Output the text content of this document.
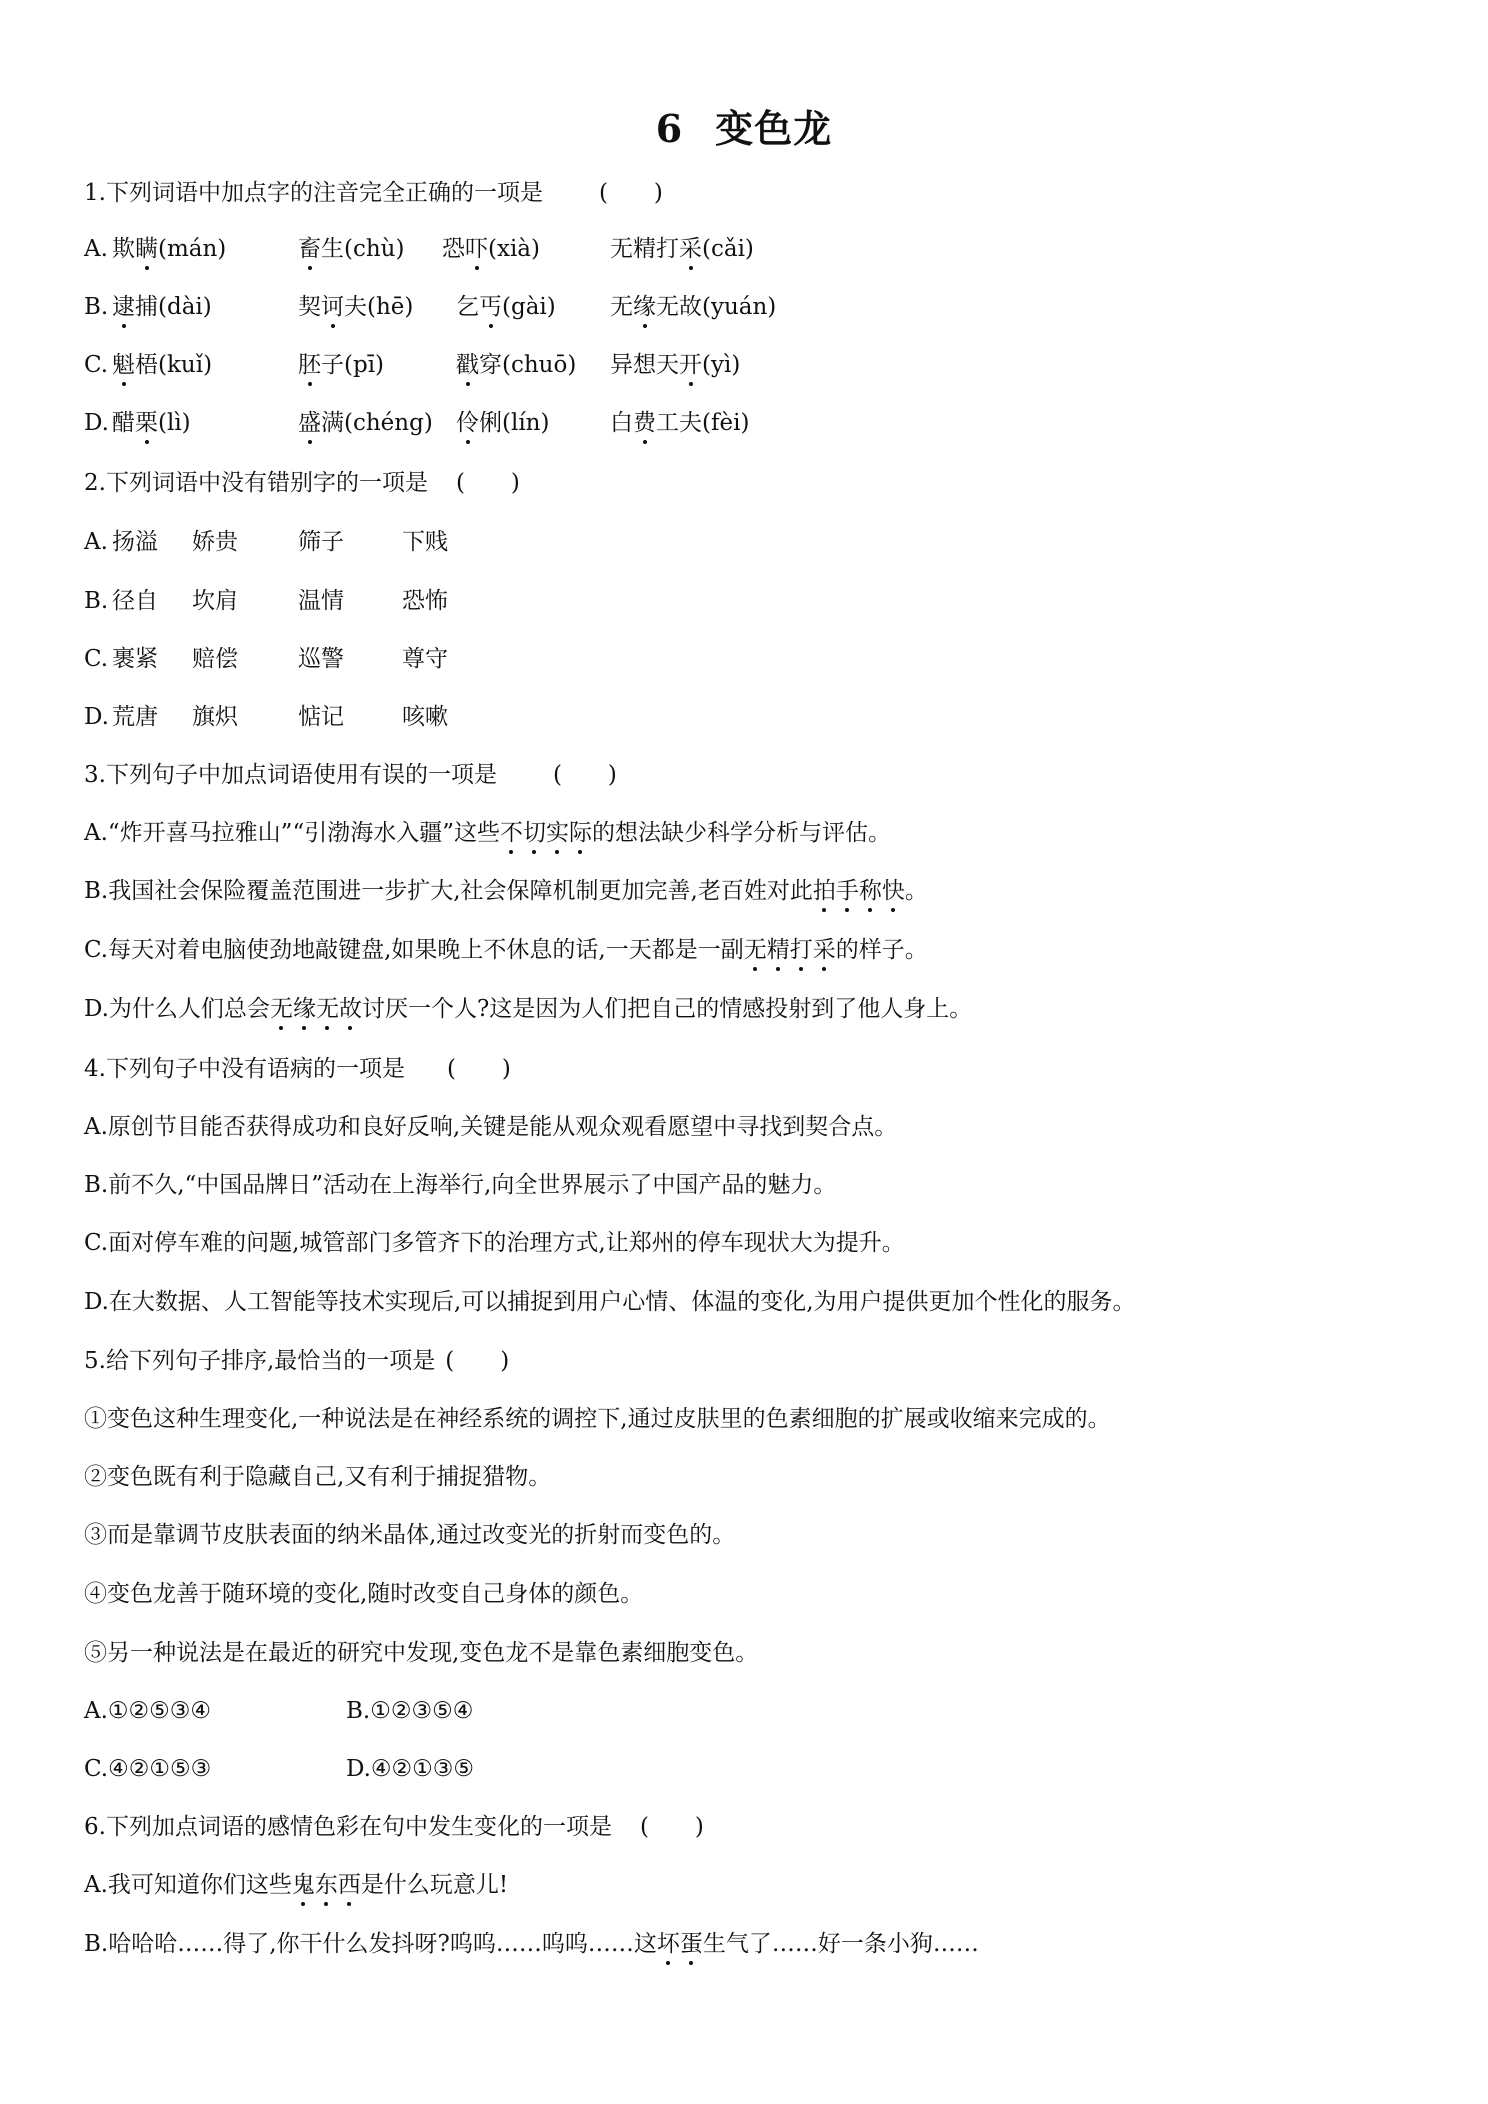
6 变色龙
1.下列词语中加点字的注音完全正确的一项是 (　　)
A. 欺瞒(mán)	畜生(chù) 恐吓(xià)	无精打采(cǎi)
B. 逮捕(dài)	契诃夫(hē) 乞丐(gài) 无缘无故(yuán)
C. 魁梧(kuǐ)	胚子(pī)	戳穿(chuō) 异想天开(yì)
D. 醋栗(lì)	盛满(chéng) 伶俐(lín)	白费工夫(fèi)
2.下列词语中没有错别字的一项是 (　　)
A. 扬溢 娇贵	筛子	下贱
B. 径自 坎肩	温情	恐怖
C. 裹紧 赔偿	巡警	尊守
D. 荒唐 旗炽	惦记	咳嗽
3.下列句子中加点词语使用有误的一项是 (　　)
A.“炸开喜马拉雅山”“引渤海水入疆”这些不切实际的想法缺少科学分析与评估。
B.我国社会保险覆盖范围进一步扩大,社会保障机制更加完善,老百姓对此拍手称快。
C.每天对着电脑使劲地敲键盘,如果晚上不休息的话,一天都是一副无精打采的样子。
D.为什么人们总会无缘无故讨厌一个人?这是因为人们把自己的情感投射到了他人身上。
4.下列句子中没有语病的一项是 (　　)
A.原创节目能否获得成功和良好反响,关键是能从观众观看愿望中寻找到契合点。
B.前不久,“中国品牌日”活动在上海举行,向全世界展示了中国产品的魅力。
C.面对停车难的问题,城管部门多管齐下的治理方式,让郑州的停车现状大为提升。
D.在大数据、人工智能等技术实现后,可以捕捉到用户心情、体温的变化,为用户提供更加个性化的服务。
5.给下列句子排序,最恰当的一项是 (　　)
①变色这种生理变化,一种说法是在神经系统的调控下,通过皮肤里的色素细胞的扩展或收缩来完成的。
②变色既有利于隐藏自己,又有利于捕捉猎物。
③而是靠调节皮肤表面的纳米晶体,通过改变光的折射而变色的。
④变色龙善于随环境的变化,随时改变自己身体的颜色。
⑤另一种说法是在最近的研究中发现,变色龙不是靠色素细胞变色。
A.①②⑤③④	B.①②③⑤④
C.④②①⑤③	D.④②①③⑤
6.下列加点词语的感情色彩在句中发生变化的一项是 (　　)
A.我可知道你们这些鬼东西是什么玩意儿!
B.哈哈哈……得了,你干什么发抖呀?呜呜……呜呜……这坏蛋生气了……好一条小狗……
